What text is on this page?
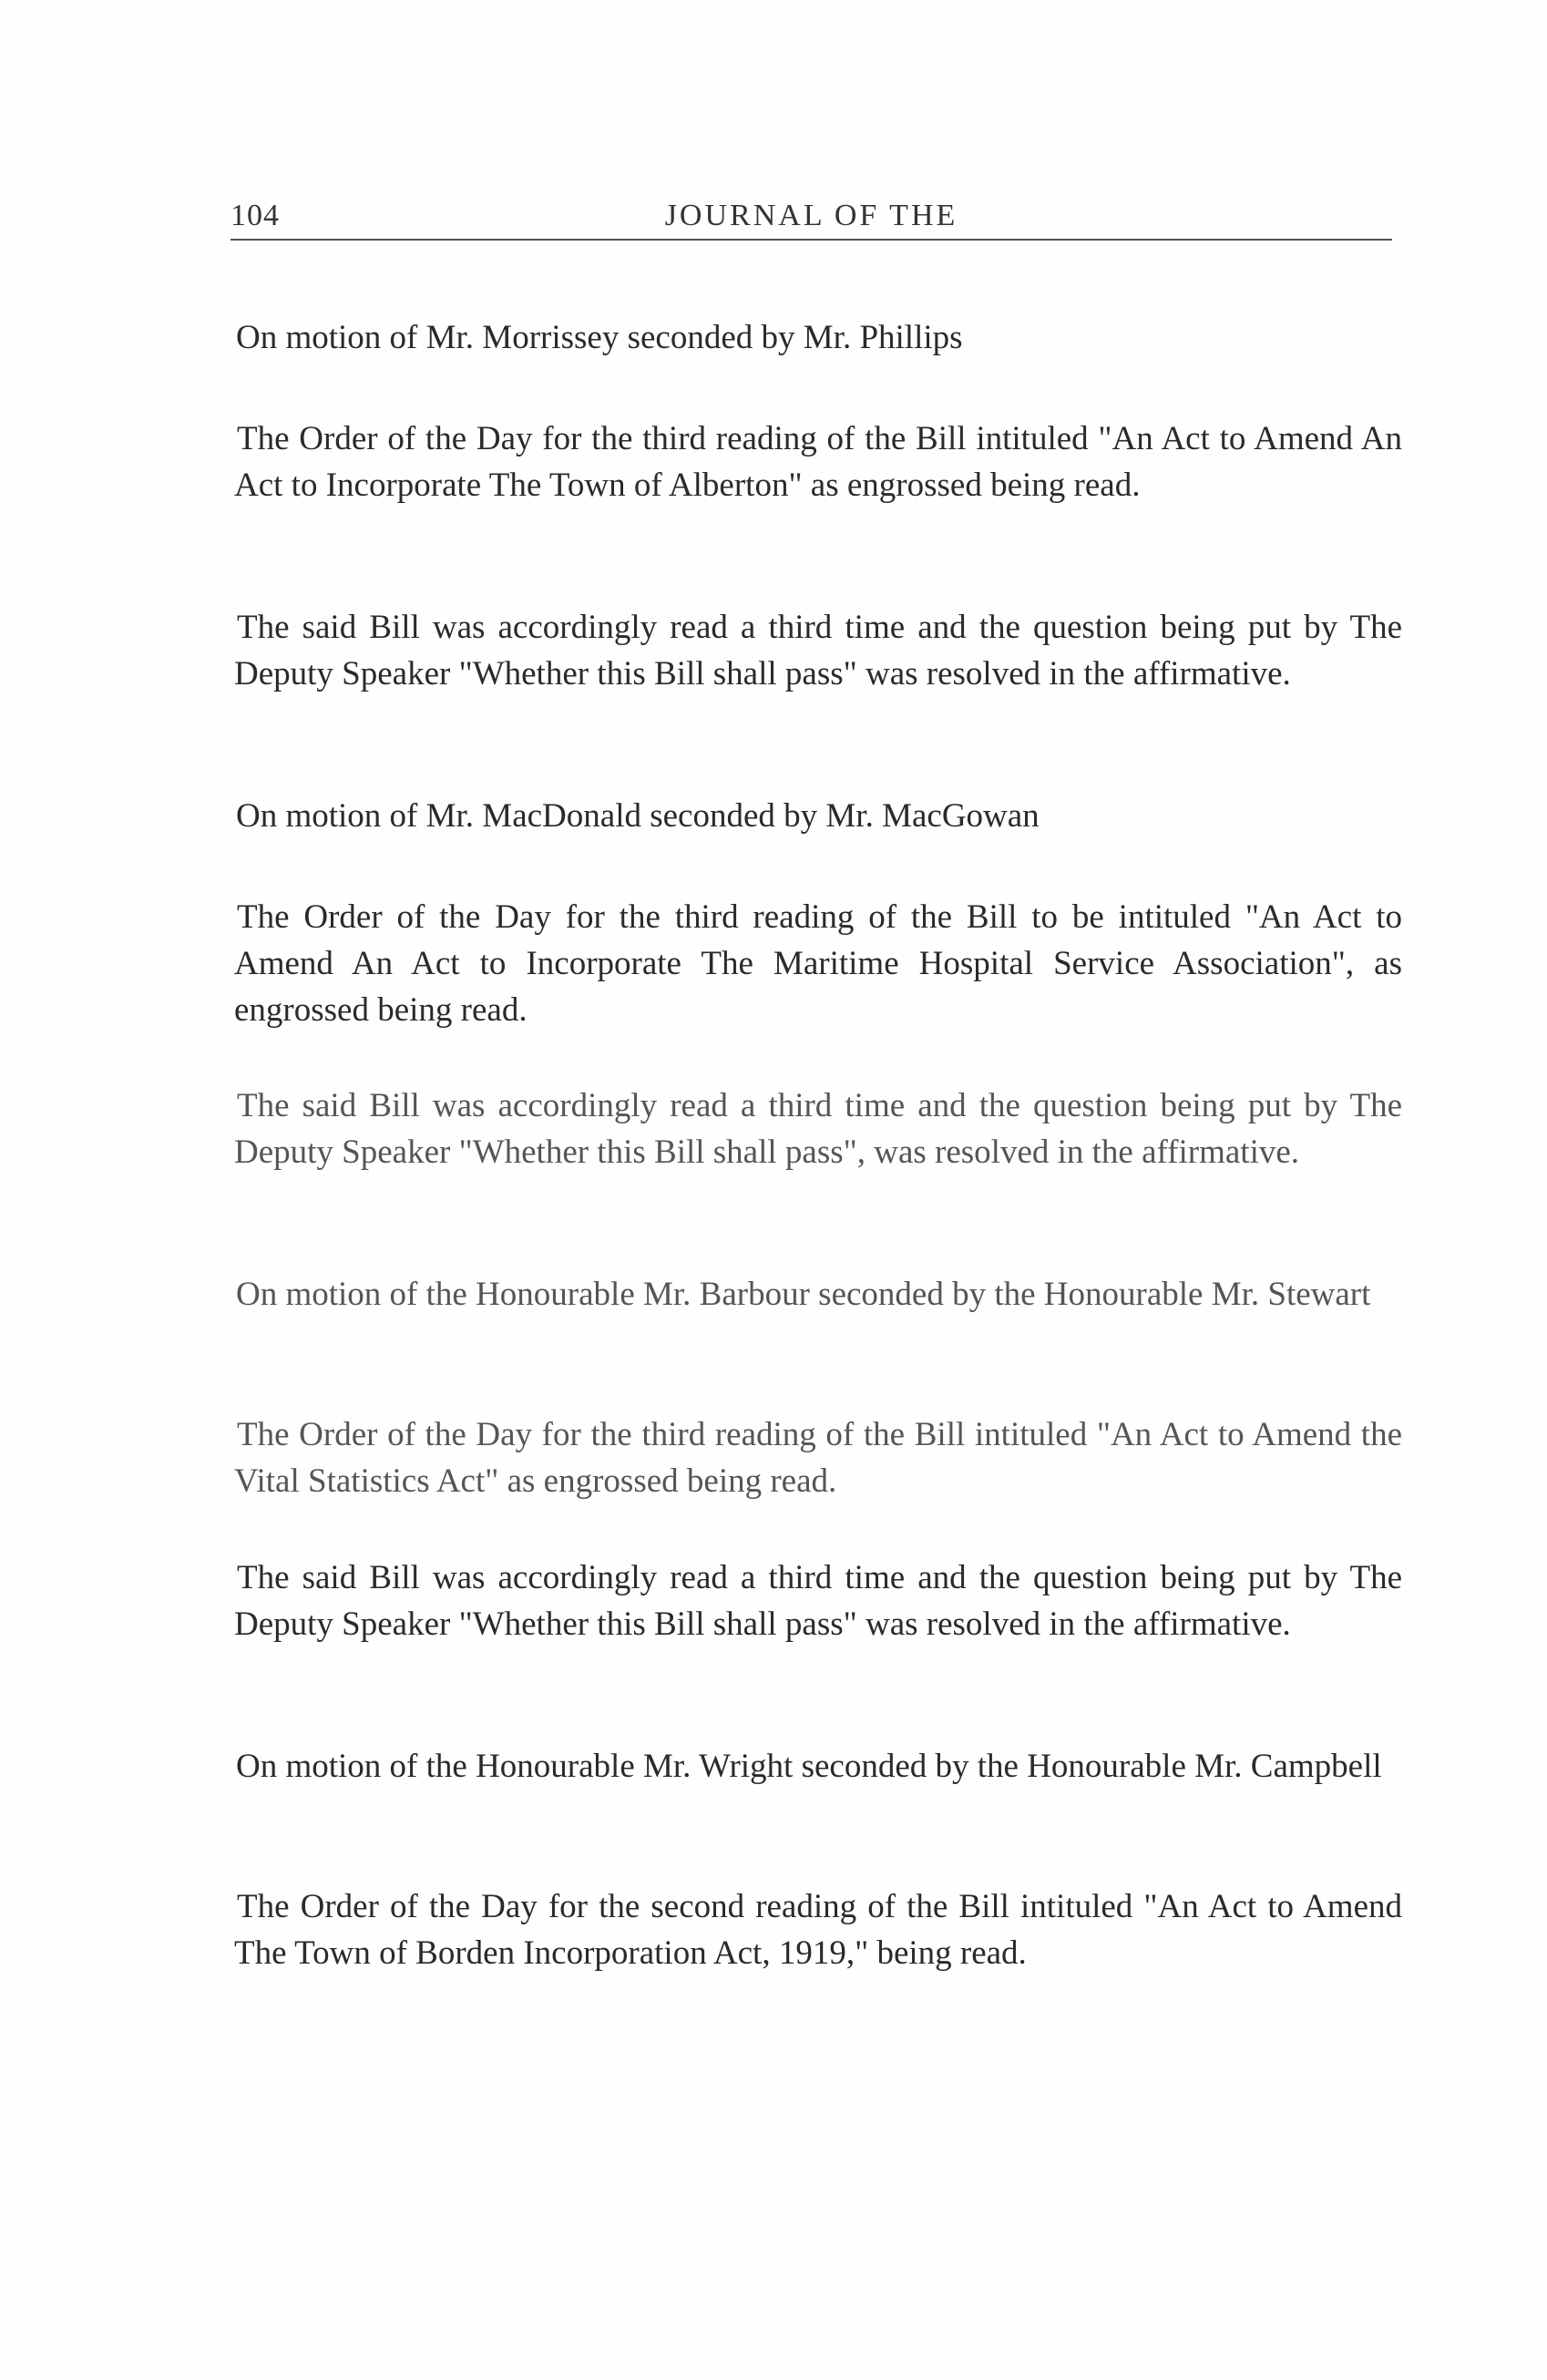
104	JOURNAL OF THE

On motion of Mr. Morrissey seconded by Mr. Phillips

The Order of the Day for the third reading of the Bill intituled "An Act to Amend An Act to Incorporate The Town of Alberton" as engrossed being read.

The said Bill was accordingly read a third time and the question being put by The Deputy Speaker "Whether this Bill shall pass" was resolved in the affirmative.

On motion of Mr. MacDonald seconded by Mr. MacGowan

The Order of the Day for the third reading of the Bill to be intituled "An Act to Amend An Act to Incorporate The Maritime Hospital Service Association", as engrossed being read.

The said Bill was accordingly read a third time and the question being put by The Deputy Speaker "Whether this Bill shall pass", was resolved in the affirmative.

On motion of the Honourable Mr. Barbour seconded by the Honourable Mr. Stewart

The Order of the Day for the third reading of the Bill intituled "An Act to Amend the Vital Statistics Act" as engrossed being read.

The said Bill was accordingly read a third time and the question being put by The Deputy Speaker "Whether this Bill shall pass" was resolved in the affirmative.

On motion of the Honourable Mr. Wright seconded by the Honourable Mr. Campbell

The Order of the Day for the second reading of the Bill intituled "An Act to Amend The Town of Borden Incorporation Act, 1919," being read.
